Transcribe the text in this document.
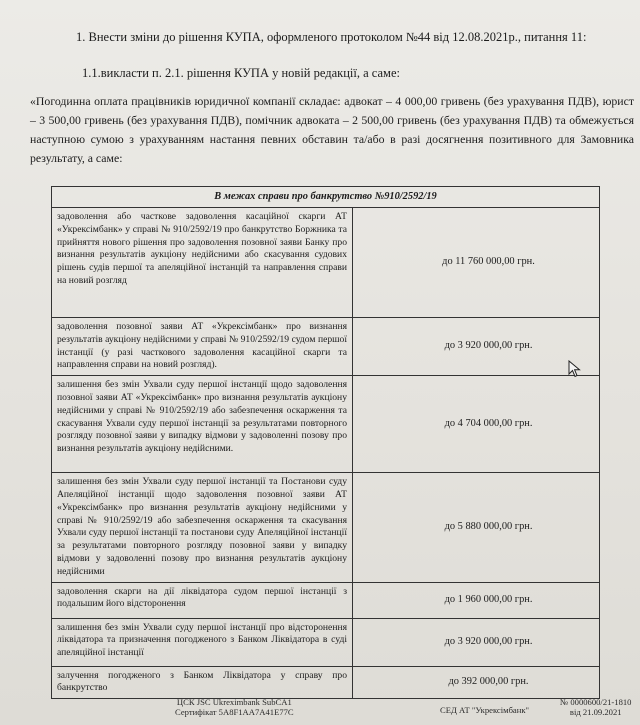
1. Внести зміни до рішення КУПА, оформленого протоколом №44 від 12.08.2021р., питання 11:
1.1.викласти п. 2.1. рішення КУПА у новій редакції, а саме:
«Погодинна оплата працівників юридичної компанії складає: адвокат – 4 000,00 гривень (без урахування ПДВ), юрист – 3 500,00 гривень (без урахування ПДВ), помічник адвоката – 2 500,00 гривень (без урахування ПДВ) та обмежується наступною сумою з урахуванням настання певних обставин та/або в разі досягнення позитивного для Замовника результату, а саме:
В межах справи про банкрутство №910/2592/19	
задоволення або часткове задоволення касаційної скарги АТ «Укрексімбанк» у справі № 910/2592/19 про банкрутство Боржника та прийняття нового рішення про задоволення позовної заяви Банку про визнання результатів аукціону недійсними або скасування судових рішень судів першої та апеляційної інстанцій та направлення справи на новий розгляд	до 11 760 000,00 грн.
задоволення позовної заяви АТ «Укрексімбанк» про визнання результатів аукціону недійсними у справі № 910/2592/19 судом першої інстанції (у разі часткового задоволення касаційної скарги та направлення справи на новий розгляд).	до 3 920 000,00 грн.
залишення без змін Ухвали суду першої інстанції щодо задоволення позовної заяви АТ «Укрексімбанк» про визнання результатів аукціону недійсними у справі № 910/2592/19 або забезпечення оскарження та скасування Ухвали суду першої інстанції за результатами повторного розгляду позовної заяви у випадку відмови у задоволенні позову про визнання результатів аукціону недійсними.	до 4 704 000,00 грн.
залишення без змін Ухвали суду першої інстанції та Постанови суду Апеляційної інстанції щодо задоволення позовної заяви АТ «Укрексімбанк» про визнання результатів аукціону недійсними у справі № 910/2592/19 або забезпечення оскарження та скасування Ухвали суду першої інстанції та постанови суду Апеляційної інстанції за результатами повторного розгляду позовної заяви у випадку відмови у задоволенні позову про визнання результатів аукціону недійсними	до 5 880 000,00 грн.
задоволення скарги на дії ліквідатора судом першої інстанції з подальшим його відсторонення	до 1 960 000,00 грн.
залишення без змін Ухвали суду першої інстанції про відсторонення ліквідатора та призначення погодженого з Банком Ліквідатора в суді апеляційної інстанції	до 3 920 000,00 грн.
залучення погодженого з Банком Ліквідатора у справу про банкрутство	до 392 000,00 грн.
ЦСК JSC Ukreximbank SubCA1
Сертифікат 5A8F1AA7A41E77C	СЕД АТ "Укрексімбанк"
№ 0000600/21-1810
від 21.09.2021
